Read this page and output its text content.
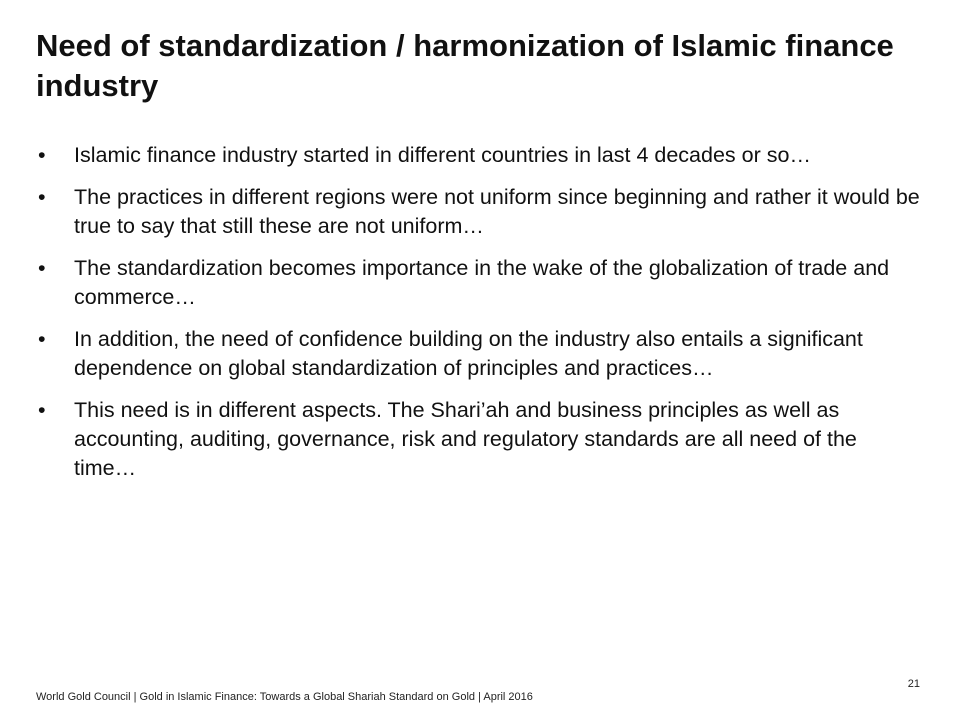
Need of standardization / harmonization of Islamic finance industry
• Islamic finance industry started in different countries in last 4 decades or so…
• The practices in different regions were not uniform since beginning and rather it would be true to say that still these are not uniform…
• The standardization becomes importance in the wake of the globalization of trade and commerce…
• In addition, the need of confidence building on the industry also entails a significant dependence on global standardization of principles and practices…
• This need is in different aspects. The Shari’ah and business principles as well as accounting, auditing, governance, risk and regulatory standards are all need of the time…
21
World Gold Council | Gold in Islamic Finance: Towards a Global Shariah Standard on Gold | April 2016
